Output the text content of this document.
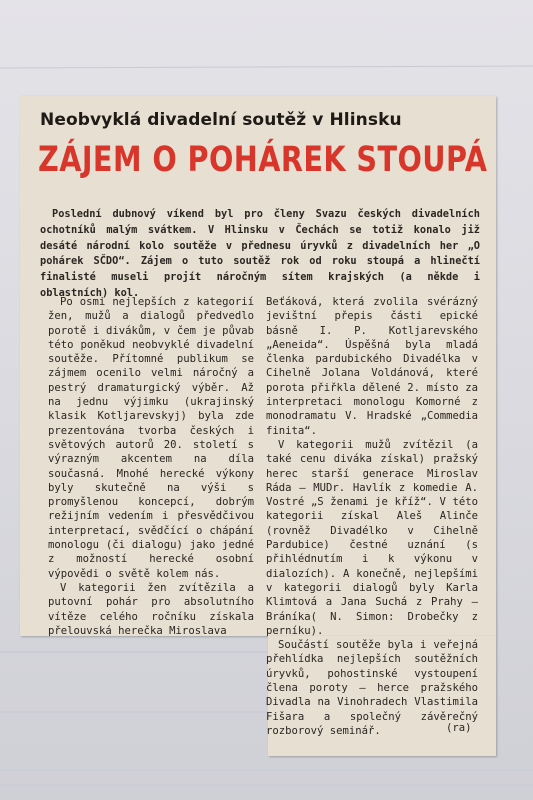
Neobvyklá divadelní soutěž v Hlinsku
ZÁJEM O POHÁREK STOUPÁ

Poslední dubnový víkend byl pro členy Svazu českých divadelních ochotníků malým svátkem. V Hlinsku v Čechách se totiž konalo již desáté národní kolo soutěže v přednesu úryvků z divadelních her „O pohárek SČDO“. Zájem o tuto soutěž rok od roku stoupá a hlinečtí finalisté museli projít náročným sítem krajských (a někde i oblastních) kol.

Po osmi nejlepších z kategorií žen, mužů a dialogů předvedlo porotě i divákům, v čem je půvab této poněkud neobvyklé divadelní soutěže. Přítomné publikum se zájmem ocenilo velmi náročný a pestrý dramaturgický výběr. Až na jednu výjimku (ukrajinský klasik Kotljarevskyj) byla zde prezentována tvorba českých i světových autorů 20. století s výrazným akcentem na díla současná. Mnohé herecké výkony byly skutečně na výši s promyšlenou koncepcí, dobrým režijním vedením i přesvědčivou interpretací, svědčící o chápání monologu (či dialogu) jako jedné z možností herecké osobní výpovědi o světě kolem nás.

V kategorii žen zvítězila a putovní pohár pro absolutního vítěze celého ročníku získala přelouvská herečka Miroslava

Beťáková, která zvolila svérázný jevištní přepis části epické básně I. P. Kotljarevského „Aeneida“. Úspěšná byla mladá členka pardubického Divadélka v Cihelně Jolana Voldánová, které porota přiřkla dělené 2. místo za interpretaci monologu Komorné z monodramatu V. Hradské „Commedia finita“.

V kategorii mužů zvítězil (a také cenu diváka získal) pražský herec starší generace Miroslav Ráda — MUDr. Havlík z komedie A. Vostré „S ženami je kříž“. V této kategorii získal Aleš Alinče (rovněž Divadélko v Cihelně Pardubice) čestné uznání (s přihlédnutím i k výkonu v dialozích). A konečně, nejlepšími v kategorii dialogů byly Karla Klimtová a Jana Suchá z Prahy — Bráníka( N. Simon: Drobečky z perníku).

Součástí soutěže byla i veřejná přehlídka nejlepších soutěžních úryvků, pohostinské vystoupení člena poroty — herce pražského Divadla na Vinohradech Vlastimila Fišara a společný závěrečný rozborový seminář.	(ra)
